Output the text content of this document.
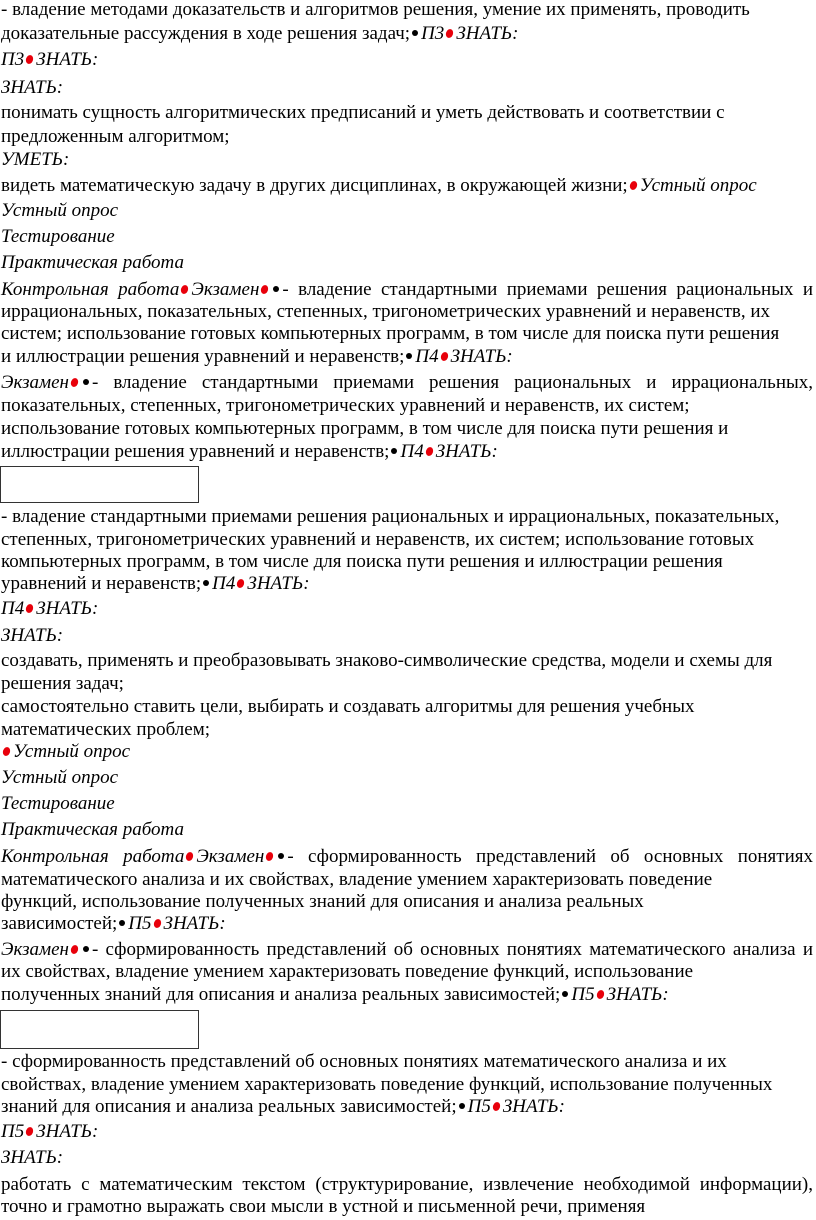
- владение методами доказательств и алгоритмов решения, умение их применять, проводить
доказательные рассуждения в ходе решения задач; П3 ЗНАТЬ:
П3 ЗНАТЬ:
ЗНАТЬ:
понимать сущность алгоритмических предписаний и уметь действовать и соответствии с
предложенным алгоритмом;
УМЕТЬ:
видеть математическую задачу в других дисциплинах, в окружающей жизни; Устный опрос
Устный опрос
Тестирование
Практическая работа
Контрольная работа Экзамен - владение стандартными приемами решения рациональных и
иррациональных, показательных, степенных, тригонометрических уравнений и неравенств, их
систем; использование готовых компьютерных программ, в том числе для поиска пути решения
и иллюстрации решения уравнений и неравенств; П4 ЗНАТЬ:
Экзамен - владение стандартными приемами решения рациональных и иррациональных,
показательных, степенных, тригонометрических уравнений и неравенств, их систем;
использование готовых компьютерных программ, в том числе для поиска пути решения и
иллюстрации решения уравнений и неравенств; П4 ЗНАТЬ:
- владение стандартными приемами решения рациональных и иррациональных, показательных,
степенных, тригонометрических уравнений и неравенств, их систем; использование готовых
компьютерных программ, в том числе для поиска пути решения и иллюстрации решения
уравнений и неравенств; П4 ЗНАТЬ:
П4 ЗНАТЬ:
ЗНАТЬ:
создавать, применять и преобразовывать знаково-символические средства, модели и схемы для
решения задач;
самостоятельно ставить цели, выбирать и создавать алгоритмы для решения учебных
математических проблем;
Устный опрос
Устный опрос
Тестирование
Практическая работа
Контрольная работа Экзамен - сформированность представлений об основных понятиях
математического анализа и их свойствах, владение умением характеризовать поведение
функций, использование полученных знаний для описания и анализа реальных
зависимостей; П5 ЗНАТЬ:
Экзамен - сформированность представлений об основных понятиях математического анализа и
их свойствах, владение умением характеризовать поведение функций, использование
полученных знаний для описания и анализа реальных зависимостей; П5 ЗНАТЬ:
- сформированность представлений об основных понятиях математического анализа и их
свойствах, владение умением характеризовать поведение функций, использование полученных
знаний для описания и анализа реальных зависимостей; П5 ЗНАТЬ:
П5 ЗНАТЬ:
ЗНАТЬ:
работать с математическим текстом (структурирование, извлечение необходимой информации),
точно и грамотно выражать свои мысли в устной и письменной речи, применяя
